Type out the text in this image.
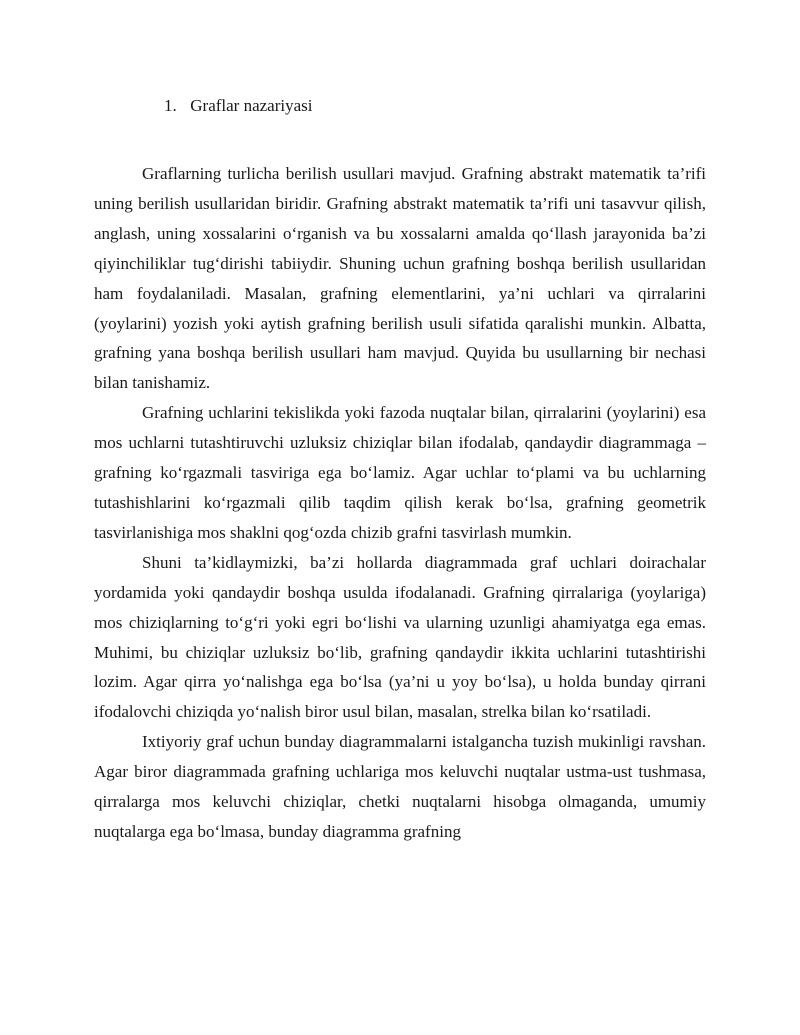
1. Graflar nazariyasi

Graflarning turlicha berilish usullari mavjud. Grafning abstrakt matematik ta’rifi uning berilish usullaridan biridir. Grafning abstrakt matematik ta’rifi uni tasavvur qilish, anglash, uning xossalarini o‘rganish va bu xossalarni amalda qo‘llash jarayonida ba’zi qiyinchiliklar tug‘dirishi tabiiydir. Shuning uchun grafning boshqa berilish usullaridan ham foydalaniladi. Masalan, grafning elementlarini, ya’ni uchlari va qirralarini (yoylarini) yozish yoki aytish grafning berilish usuli sifatida qaralishi munkin. Albatta, grafning yana boshqa berilish usullari ham mavjud. Quyida bu usullarning bir nechasi bilan tanishamiz.

Grafning uchlarini tekislikda yoki fazoda nuqtalar bilan, qirralarini (yoylarini) esa mos uchlarni tutashtiruvchi uzluksiz chiziqlar bilan ifodalab, qandaydir diagrammaga – grafning ko‘rgazmali tasviriga ega bo‘lamiz. Agar uchlar to‘plami va bu uchlarning tutashishlarini ko‘rgazmali qilib taqdim qilish kerak bo‘lsa, grafning geometrik tasvirlanishiga mos shaklni qog‘ozda chizib grafni tasvirlash mumkin.

Shuni ta’kidlaymizki, ba’zi hollarda diagrammada graf uchlari doirachalar yordamida yoki qandaydir boshqa usulda ifodalanadi. Grafning qirralariga (yoylariga) mos chiziqlarning to‘g‘ri yoki egri bo‘lishi va ularning uzunligi ahamiyatga ega emas. Muhimi, bu chiziqlar uzluksiz bo‘lib, grafning qandaydir ikkita uchlarini tutashtirishi lozim. Agar qirra yo‘nalishga ega bo‘lsa (ya’ni u yoy bo‘lsa), u holda bunday qirrani ifodalovchi chiziqda yo‘nalish biror usul bilan, masalan, strelka bilan ko‘rsatiladi.

Ixtiyoriy graf uchun bunday diagrammalarni istalgancha tuzish mukinligi ravshan. Agar biror diagrammada grafning uchlariga mos keluvchi nuqtalar ustma-ust tushmasa, qirralarga mos keluvchi chiziqlar, chetki nuqtalarni hisobga olmaganda, umumiy nuqtalarga ega bo‘lmasa, bunday diagramma grafning
